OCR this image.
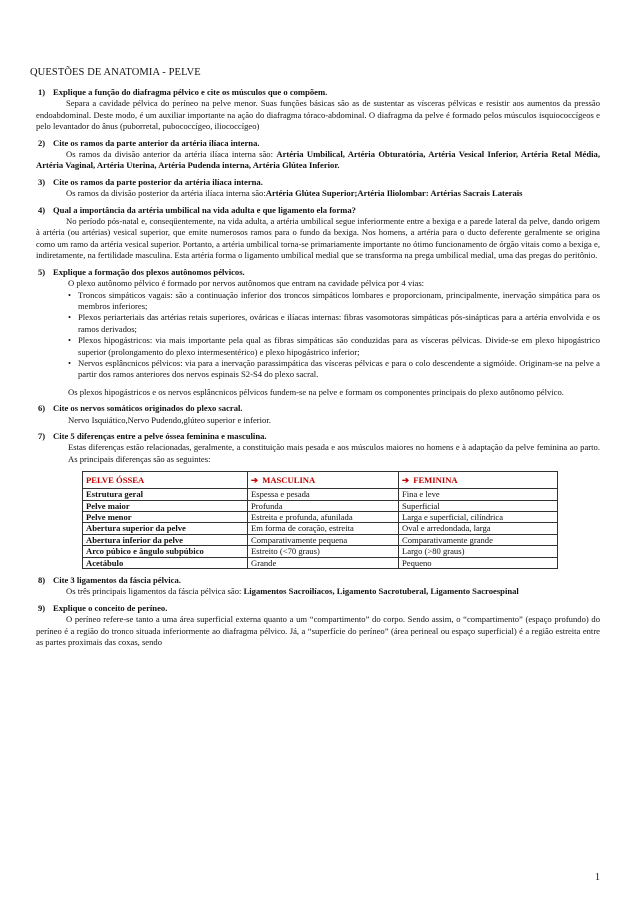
QUESTÕES DE ANATOMIA - PELVE
1) Explique a função do diafragma pélvico e cite os músculos que o compõem.
Separa a cavidade pélvica do períneo na pelve menor. Suas funções básicas são as de sustentar as vísceras pélvicas e resistir aos aumentos da pressão endoabdominal. Deste modo, é um auxiliar importante na ação do diafragma tóraco-abdominal. O diafragma da pelve é formado pelos músculos isquiococcígeos e pelo levantador do ânus (puborretal, pubococcígeo, iliococcígeo)
2) Cite os ramos da parte anterior da artéria ilíaca interna.
Os ramos da divisão anterior da artéria ilíaca interna são: Artéria Umbilical, Artéria Obturatória, Artéria Vesical Inferior, Artéria Retal Média, Artéria Vaginal, Artéria Uterina, Artéria Pudenda interna, Artéria Glútea Inferior.
3) Cite os ramos da parte posterior da artéria ilíaca interna.
Os ramos da divisão posterior da artéria ilíaca interna são:Artéria Glútea Superior;Artéria Iliolombar: Artérias Sacrais Laterais
4) Qual a importância da artéria umbilical na vida adulta e que ligamento ela forma?
No período pós-natal e, conseqüentemente, na vida adulta, a artéria umbilical segue inferiormente entre a bexiga e a parede lateral da pelve, dando origem à artéria (ou artérias) vesical superior, que emite numerosos ramos para o fundo da bexiga. Nos homens, a artéria para o ducto deferente geralmente se origina como um ramo da artéria vesical superior. Portanto, a artéria umbilical torna-se primariamente importante no ótimo funcionamento de órgão vitais como a bexiga e, indiretamente, na fertilidade masculina. Esta artéria forma o ligamento umbilical medial que se transforma na prega umbilical medial, uma das pregas do peritônio.
5) Explique a formação dos plexos autônomos pélvicos.
O plexo autônomo pélvico é formado por nervos autônomos que entram na cavidade pélvica por 4 vias:
• Troncos simpáticos vagais: são a continuação inferior dos troncos simpáticos lombares e proporcionam, principalmente, inervação simpática para os membros inferiores;
• Plexos periarteriais das artérias retais superiores, ováricas e ilíacas internas: fibras vasomotoras simpáticas pós-sinápticas para a artéria envolvida e os ramos derivados;
• Plexos hipogástricos: via mais importante pela qual as fibras simpáticas são conduzidas para as vísceras pélvicas. Divide-se em plexo hipogástrico superior (prolongamento do plexo intermesentérico) e plexo hipogástrico inferior;
• Nervos esplâncnicos pélvicos: via para a inervação parassimpática das vísceras pélvicas e para o colo descendente a sigmóide. Originam-se na pelve a partir dos ramos anteriores dos nervos espinais S2-S4 do plexo sacral.
Os plexos hipogástricos e os nervos esplâncnicos pélvicos fundem-se na pelve e formam os componentes principais do plexo autônomo pélvico.
6) Cite os nervos somáticos originados do plexo sacral.
Nervo Isquiático,Nervo Pudendo,glúteo superior e inferior.
7) Cite 5 diferenças entre a pelve óssea feminina e masculina.
Estas diferenças estão relacionadas, geralmente, a constituição mais pesada e aos músculos maiores no homens e à adaptação da pelve feminina ao parto. As principais diferenças são as seguintes:
PELVE ÓSSEA	➔ MASCULINA	➔ FEMININA
Estrutura geral	Espessa e pesada	Fina e leve
Pelve maior	Profunda	Superficial
Pelve menor	Estreita e profunda, afunilada	Larga e superficial, cilíndrica
Abertura superior da pelve	Em forma de coração, estreita	Oval e arredondada, larga
Abertura inferior da pelve	Comparativamente pequena	Comparativamente grande
Arco púbico e ângulo subpúbico	Estreito (<70 graus)	Largo (>80 graus)
Acetábulo	Grande	Pequeno
8) Cite 3 ligamentos da fáscia pélvica.
Os três principais ligamentos da fáscia pélvica são: Ligamentos Sacroilíacos, Ligamento Sacrotuberal, Ligamento Sacroespinal
9) Explique o conceito de períneo.
O períneo refere-se tanto a uma área superficial externa quanto a um “compartimento” do corpo. Sendo assim, o “compartimento” (espaço profundo) do períneo é a região do tronco situada inferiormente ao diafragma pélvico. Já, a “superfície do períneo” (área perineal ou espaço superficial) é a região estreita entre as partes proximais das coxas, sendo
1
